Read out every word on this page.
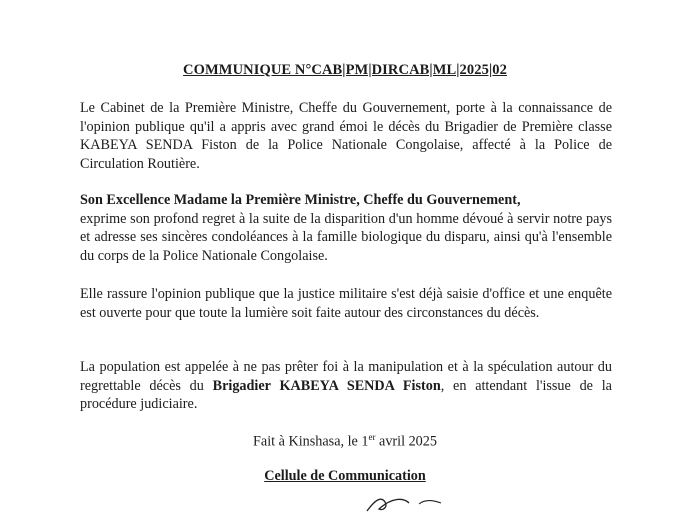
COMMUNIQUE N°CAB|PM|DIRCAB|ML|2025|02

Le Cabinet de la Première Ministre, Cheffe du Gouvernement, porte à la connaissance de l'opinion publique qu'il a appris avec grand émoi le décès du Brigadier de Première classe KABEYA SENDA Fiston de la Police Nationale Congolaise, affecté à la Police de Circulation Routière.

Son Excellence Madame la Première Ministre, Cheffe du Gouvernement,
exprime son profond regret à la suite de la disparition d'un homme dévoué à servir notre pays et adresse ses sincères condoléances à la famille biologique du disparu, ainsi qu'à l'ensemble du corps de la Police Nationale Congolaise.

Elle rassure l'opinion publique que la justice militaire s'est déjà saisie d'office et une enquête est ouverte pour que toute la lumière soit faite autour des circonstances du décès.

La population est appelée à ne pas prêter foi à la manipulation et à la spéculation autour du regrettable décès du Brigadier KABEYA SENDA Fiston, en attendant l'issue de la procédure judiciaire.

Fait à Kinshasa, le 1er avril 2025
Cellule de Communication
